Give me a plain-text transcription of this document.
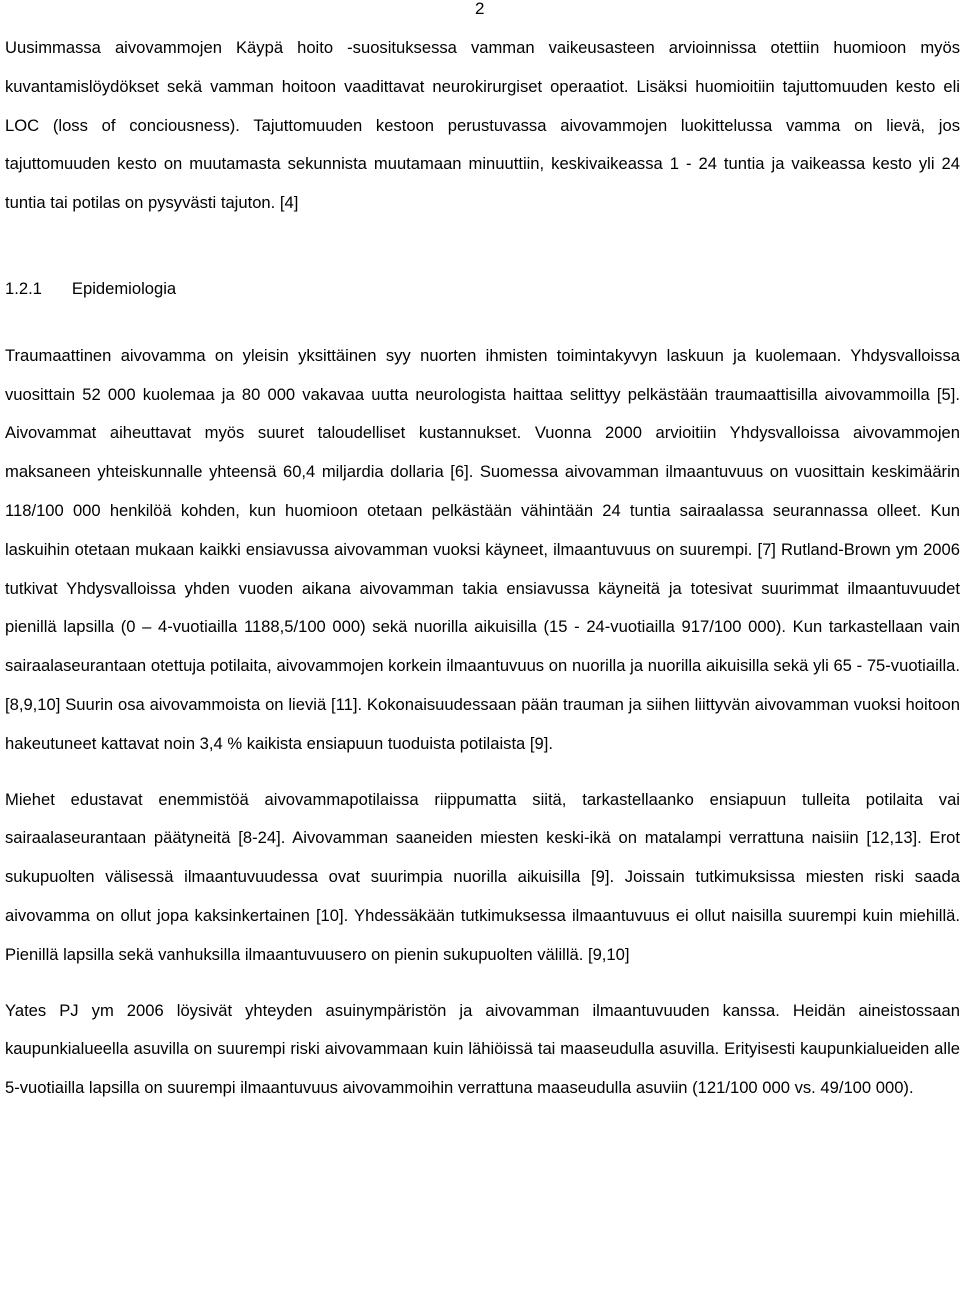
2

Uusimmassa aivovammojen Käypä hoito -suosituksessa vamman vaikeusasteen arvioinnissa otettiin huomioon myös kuvantamislöydökset sekä vamman hoitoon vaadittavat neurokirurgiset operaatiot. Lisäksi huomioitiin tajuttomuuden kesto eli LOC (loss of conciousness). Tajuttomuuden kestoon perustuvassa aivovammojen luokittelussa vamma on lievä, jos tajuttomuuden kesto on muutamasta sekunnista muutamaan minuuttiin, keskivaikeassa 1 - 24 tuntia ja vaikeassa kesto yli 24 tuntia tai potilas on pysyvästi tajuton. [4]

1.2.1 Epidemiologia

Traumaattinen aivovamma on yleisin yksittäinen syy nuorten ihmisten toimintakyvyn laskuun ja kuolemaan. Yhdysvalloissa vuosittain 52 000 kuolemaa ja 80 000 vakavaa uutta neurologista haittaa selittyy pelkästään traumaattisilla aivovammoilla [5]. Aivovammat aiheuttavat myös suuret taloudelliset kustannukset. Vuonna 2000 arvioitiin Yhdysvalloissa aivovammojen maksaneen yhteiskunnalle yhteensä 60,4 miljardia dollaria [6]. Suomessa aivovamman ilmaantuvuus on vuosittain keskimäärin 118/100 000 henkilöä kohden, kun huomioon otetaan pelkästään vähintään 24 tuntia sairaalassa seurannassa olleet. Kun laskuihin otetaan mukaan kaikki ensiavussa aivovamman vuoksi käyneet, ilmaantuvuus on suurempi. [7] Rutland-Brown ym 2006 tutkivat Yhdysvalloissa yhden vuoden aikana aivovamman takia ensiavussa käyneitä ja totesivat suurimmat ilmaantuvuudet pienillä lapsilla (0 – 4-vuotiailla 1188,5/100 000) sekä nuorilla aikuisilla (15 - 24-vuotiailla 917/100 000). Kun tarkastellaan vain sairaalaseurantaan otettuja potilaita, aivovammojen korkein ilmaantuvuus on nuorilla ja nuorilla aikuisilla sekä yli 65 - 75-vuotiailla. [8,9,10] Suurin osa aivovammoista on lieviä [11]. Kokonaisuudessaan pään trauman ja siihen liittyvän aivovamman vuoksi hoitoon hakeutuneet kattavat noin 3,4 % kaikista ensiapuun tuoduista potilaista [9].

Miehet edustavat enemmistöä aivovammapotilaissa riippumatta siitä, tarkastellaanko ensiapuun tulleita potilaita vai sairaalaseurantaan päätyneitä [8-24]. Aivovamman saaneiden miesten keski-ikä on matalampi verrattuna naisiin [12,13]. Erot sukupuolten välisessä ilmaantuvuudessa ovat suurimpia nuorilla aikuisilla [9]. Joissain tutkimuksissa miesten riski saada aivovamma on ollut jopa kaksinkertainen [10]. Yhdessäkään tutkimuksessa ilmaantuvuus ei ollut naisilla suurempi kuin miehillä. Pienillä lapsilla sekä vanhuksilla ilmaantuvuusero on pienin sukupuolten välillä. [9,10]

Yates PJ ym 2006 löysivät yhteyden asuinympäristön ja aivovamman ilmaantuvuuden kanssa. Heidän aineistossaan kaupunkialueella asuvilla on suurempi riski aivovammaan kuin lähiöissä tai maaseudulla asuvilla. Erityisesti kaupunkialueiden alle 5-vuotiailla lapsilla on suurempi ilmaantuvuus aivovammoihin verrattuna maaseudulla asuviin (121/100 000 vs. 49/100 000).
